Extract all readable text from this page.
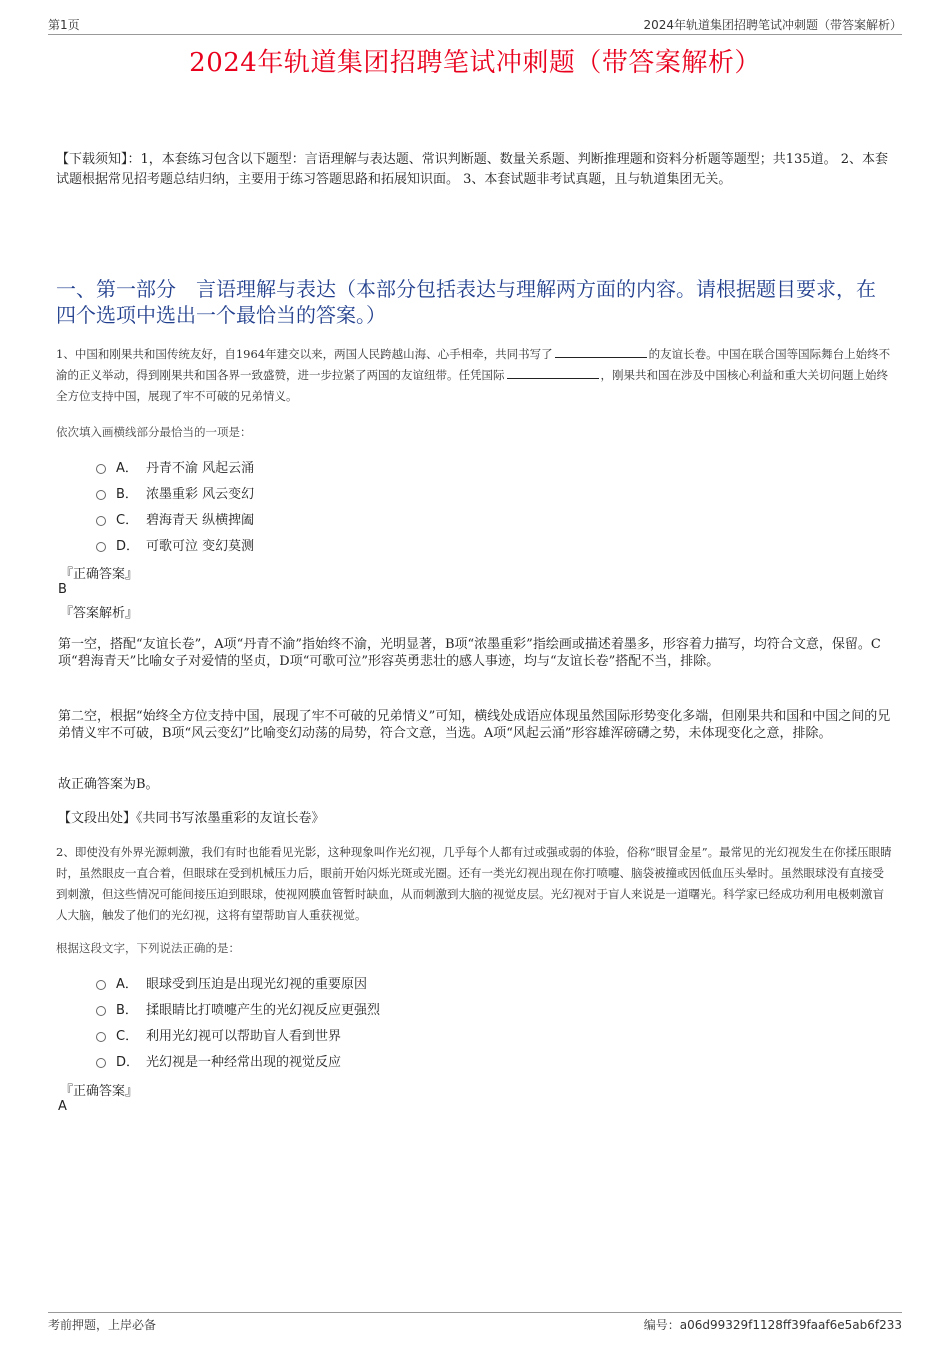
第1页	2024年轨道集团招聘笔试冲刺题（带答案解析）
2024年轨道集团招聘笔试冲刺题（带答案解析）
【下载须知】：1，本套练习包含以下题型：言语理解与表达题、常识判断题、数量关系题、判断推理题和资料分析题等题型；共135道。 2、本套试题根据常见招考题总结归纳，主要用于练习答题思路和拓展知识面。 3、本套试题非考试真题，且与轨道集团无关。
一、第一部分　言语理解与表达（本部分包括表达与理解两方面的内容。请根据题目要求，在四个选项中选出一个最恰当的答案。）
1、中国和刚果共和国传统友好，自1964年建交以来，两国人民跨越山海、心手相牵，共同书写了	的友谊长卷。中国在联合国等国际舞台上始终不渝的正义举动，得到刚果共和国各界一致盛赞，进一步拉紧了两国的友谊纽带。任凭国际	，刚果共和国在涉及中国核心利益和重大关切问题上始终全方位支持中国，展现了牢不可破的兄弟情义。
依次填入画横线部分最恰当的一项是：
A． 丹青不渝 风起云涌
B． 浓墨重彩 风云变幻
C． 碧海青天 纵横捭阖
D． 可歌可泣 变幻莫测
『正确答案』
B
『答案解析』
第一空，搭配“友谊长卷”，A项“丹青不渝”指始终不渝，光明显著，B项“浓墨重彩”指绘画或描述着墨多，形容着力描写，均符合文意，保留。C项“碧海青天”比喻女子对爱情的坚贞，D项“可歌可泣”形容英勇悲壮的感人事迹，均与“友谊长卷”搭配不当，排除。
第二空，根据“始终全方位支持中国，展现了牢不可破的兄弟情义”可知，横线处成语应体现虽然国际形势变化多端，但刚果共和国和中国之间的兄弟情义牢不可破，B项“风云变幻”比喻变幻动荡的局势，符合文意，当选。A项“风起云涌”形容雄浑磅礴之势，未体现变化之意，排除。
故正确答案为B。
【文段出处】《共同书写浓墨重彩的友谊长卷》
2、即使没有外界光源刺激，我们有时也能看见光影，这种现象叫作光幻视，几乎每个人都有过或强或弱的体验，俗称“眼冒金星”。最常见的光幻视发生在你揉压眼睛时，虽然眼皮一直合着，但眼球在受到机械压力后，眼前开始闪烁光斑或光圈。还有一类光幻视出现在你打喷嚏、脑袋被撞或因低血压头晕时。虽然眼球没有直接受到刺激，但这些情况可能间接压迫到眼球，使视网膜血管暂时缺血，从而刺激到大脑的视觉皮层。光幻视对于盲人来说是一道曙光。科学家已经成功利用电极刺激盲人大脑，触发了他们的光幻视，这将有望帮助盲人重获视觉。
根据这段文字，下列说法正确的是：
A． 眼球受到压迫是出现光幻视的重要原因
B． 揉眼睛比打喷嚏产生的光幻视反应更强烈
C． 利用光幻视可以帮助盲人看到世界
D． 光幻视是一种经常出现的视觉反应
『正确答案』
A
考前押题，上岸必备	编号：a06d99329f1128ff39faaf6e5ab6f233
